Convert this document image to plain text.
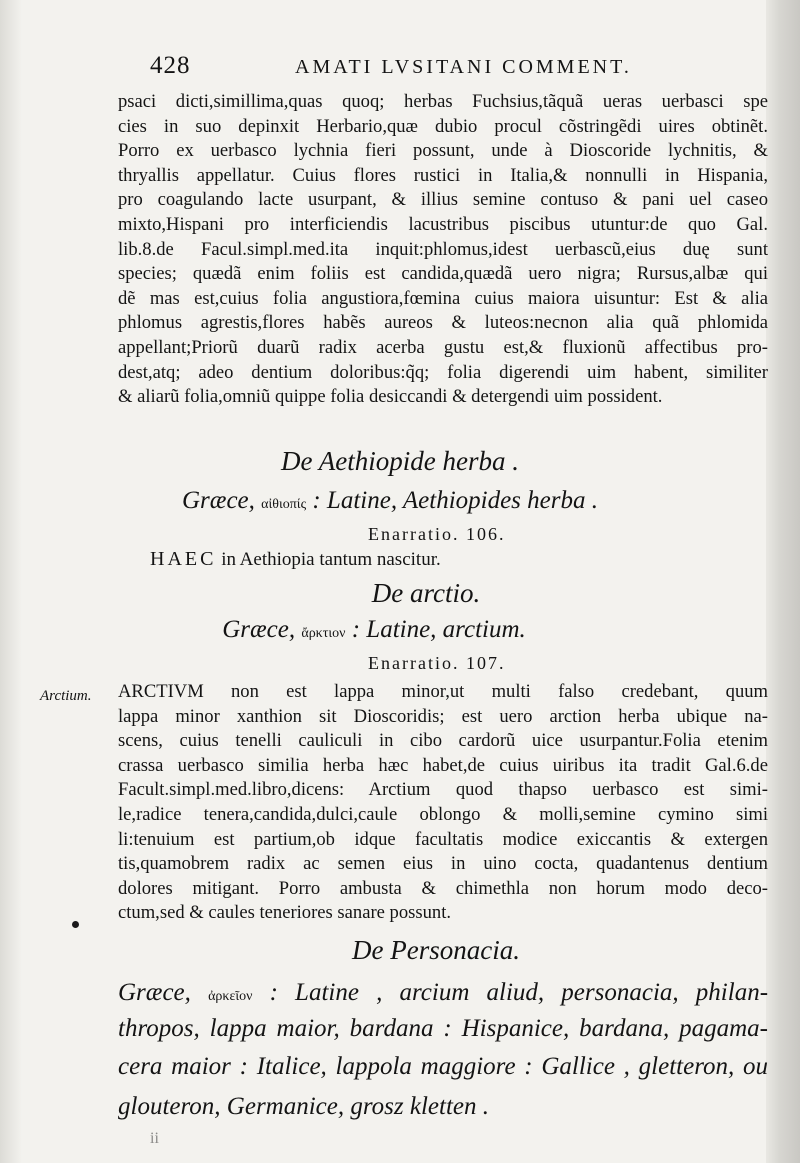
428	AMATI LVSITANI COMMENT.
psaci dicti,simillima,quas quoq; herbas Fuchsius,tãquã ueras uerbasci spe
cies in suo depinxit Herbario,quæ dubio procul cõstringẽdi uires obtinẽt.
Porro ex uerbasco lychnia fieri possunt, unde à Dioscoride lychnitis, &
thryallis appellatur. Cuius flores rustici in Italia,& nonnulli in Hispania,
pro coagulando lacte usurpant, & illius semine contuso & pani uel caseo
mixto,Hispani pro interficiendis lacustribus piscibus utuntur:de quo Gal.
lib.8.de Facul.simpl.med.ita inquit:phlomus,idest uerbascũ,eius duę sunt
species; quædã enim foliis est candida,quædã uero nigra; Rursus,albæ qui
dẽ mas est,cuius folia angustiora,fœmina cuius maiora uisuntur: Est & alia
phlomus agrestis,flores habẽs aureos & luteos:necnon alia quã phlomida
appellant;Priorũ duarũ radix acerba gustu est,& fluxionũ affectibus pro-
dest,atq; adeo dentium doloribus:q̃q; folia digerendi uim habent, similiter
& aliarũ folia,omniũ quippe folia desiccandi & detergendi uim possident.
De Aethiopide herba .
Græce, αἰθιοπίς : Latine, Aethiopides herba .
Enarratio. 106.
HAEC in Aethiopia tantum nascitur.
De arctio.
Græce, ἄρκτιον : Latine, arctium.
Enarratio. 107.
Arctium. ARCTIVM non est lappa minor,ut multi falso credebant, quum
lappa minor xanthion sit Dioscoridis; est uero arction herba ubique na-
scens, cuius tenelli cauliculi in cibo cardorũ uice usurpantur.Folia etenim
crassa uerbasco similia herba hæc habet,de cuius uiribus ita tradit Gal.6.de
Facult.simpl.med.libro,dicens: Arctium quod thapso uerbasco est simi-
le,radice tenera,candida,dulci,caule oblongo & molli,semine cymino simi
li:tenuium est partium,ob idque facultatis modice exiccantis & extergen
tis,quamobrem radix ac semen eius in uino cocta, quadantenus dentium
dolores mitigant. Porro ambusta & chimethla non horum modo deco-
ctum,sed & caules teneriores sanare possunt.
De Personacia.
Græce, ἀρκεῖον : Latine , arcium aliud, personacia, philan-
thropos, lappa maior, bardana : Hispanice, bardana, pagama-
cera maior : Italice, lappola maggiore : Gallice , gletteron, ou
glouteron, Germanice, grosz kletten .
ii
